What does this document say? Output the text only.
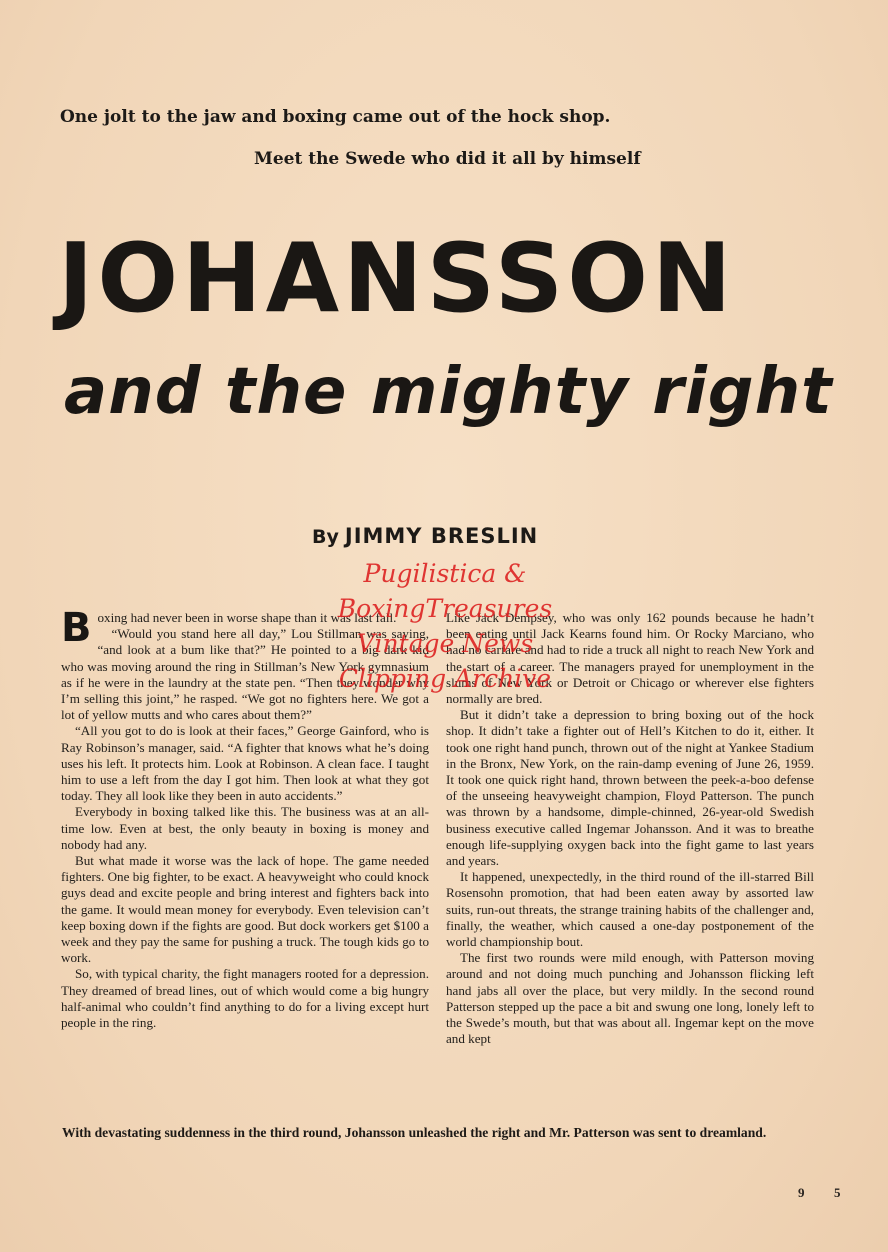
One jolt to the jaw and boxing came out of the hock shop.
Meet the Swede who did it all by himself
JOHANSSON
and the mighty right
By JIMMY BRESLIN

Boxing had never been in worse shape than it was last fall.

“Would you stand here all day,” Lou Stillman was saying, “and look at a bum like that?” He pointed to a big dark kid who was moving around the ring in Stillman’s New York gymnasium as if he were in the laundry at the state pen. “Then they wonder why I’m selling this joint,” he rasped. “We got no fighters here. We got a lot of yellow mutts and who cares about them?”

“All you got to do is look at their faces,” George Gainford, who is Ray Robinson’s manager, said. “A fighter that knows what he’s doing uses his left. It protects him. Look at Robinson. A clean face. I taught him to use a left from the day I got him. Then look at what they got today. They all look like they been in auto accidents.”

Everybody in boxing talked like this. The business was at an all-time low. Even at best, the only beauty in boxing is money and nobody had any.

But what made it worse was the lack of hope. The game needed fighters. One big fighter, to be exact. A heavyweight who could knock guys dead and excite people and bring interest and fighters back into the game. It would mean money for everybody. Even television can’t keep boxing down if the fights are good. But dock workers get $100 a week and they pay the same for pushing a truck. The tough kids go to work.

So, with typical charity, the fight managers rooted for a depression. They dreamed of bread lines, out of which would come a big hungry half-animal who couldn’t find anything to do for a living except hurt people in the ring.

Like Jack Dempsey, who was only 162 pounds because he hadn’t been eating until Jack Kearns found him. Or Rocky Marciano, who had no carfare and had to ride a truck all night to reach New York and the start of a career. The managers prayed for unemployment in the slums of New York or Detroit or Chicago or wherever else fighters normally are bred.

But it didn’t take a depression to bring boxing out of the hock shop. It didn’t take a fighter out of Hell’s Kitchen to do it, either. It took one right hand punch, thrown out of the night at Yankee Stadium in the Bronx, New York, on the rain-damp evening of June 26, 1959. It took one quick right hand, thrown between the peek-a-boo defense of the unseeing heavyweight champion, Floyd Patterson. The punch was thrown by a handsome, dimple-chinned, 26-year-old Swedish business executive called Ingemar Johansson. And it was to breathe enough life-supplying oxygen back into the fight game to last years and years.

It happened, unexpectedly, in the third round of the ill-starred Bill Rosensohn promotion, that had been eaten away by assorted law suits, run-out threats, the strange training habits of the challenger and, finally, the weather, which caused a one-day postponement of the world championship bout.

The first two rounds were mild enough, with Patterson moving around and not doing much punching and Johansson flicking left hand jabs all over the place, but very mildly. In the second round Patterson stepped up the pace a bit and swung one long, lonely left to the Swede’s mouth, but that was about all. Ingemar kept on the move and kept

With devastating suddenness in the third round, Johansson unleashed the right and Mr. Patterson was sent to dreamland.
9 5
Pugilistica &
BoxingTreasures
Vintage News
Clipping Archive
